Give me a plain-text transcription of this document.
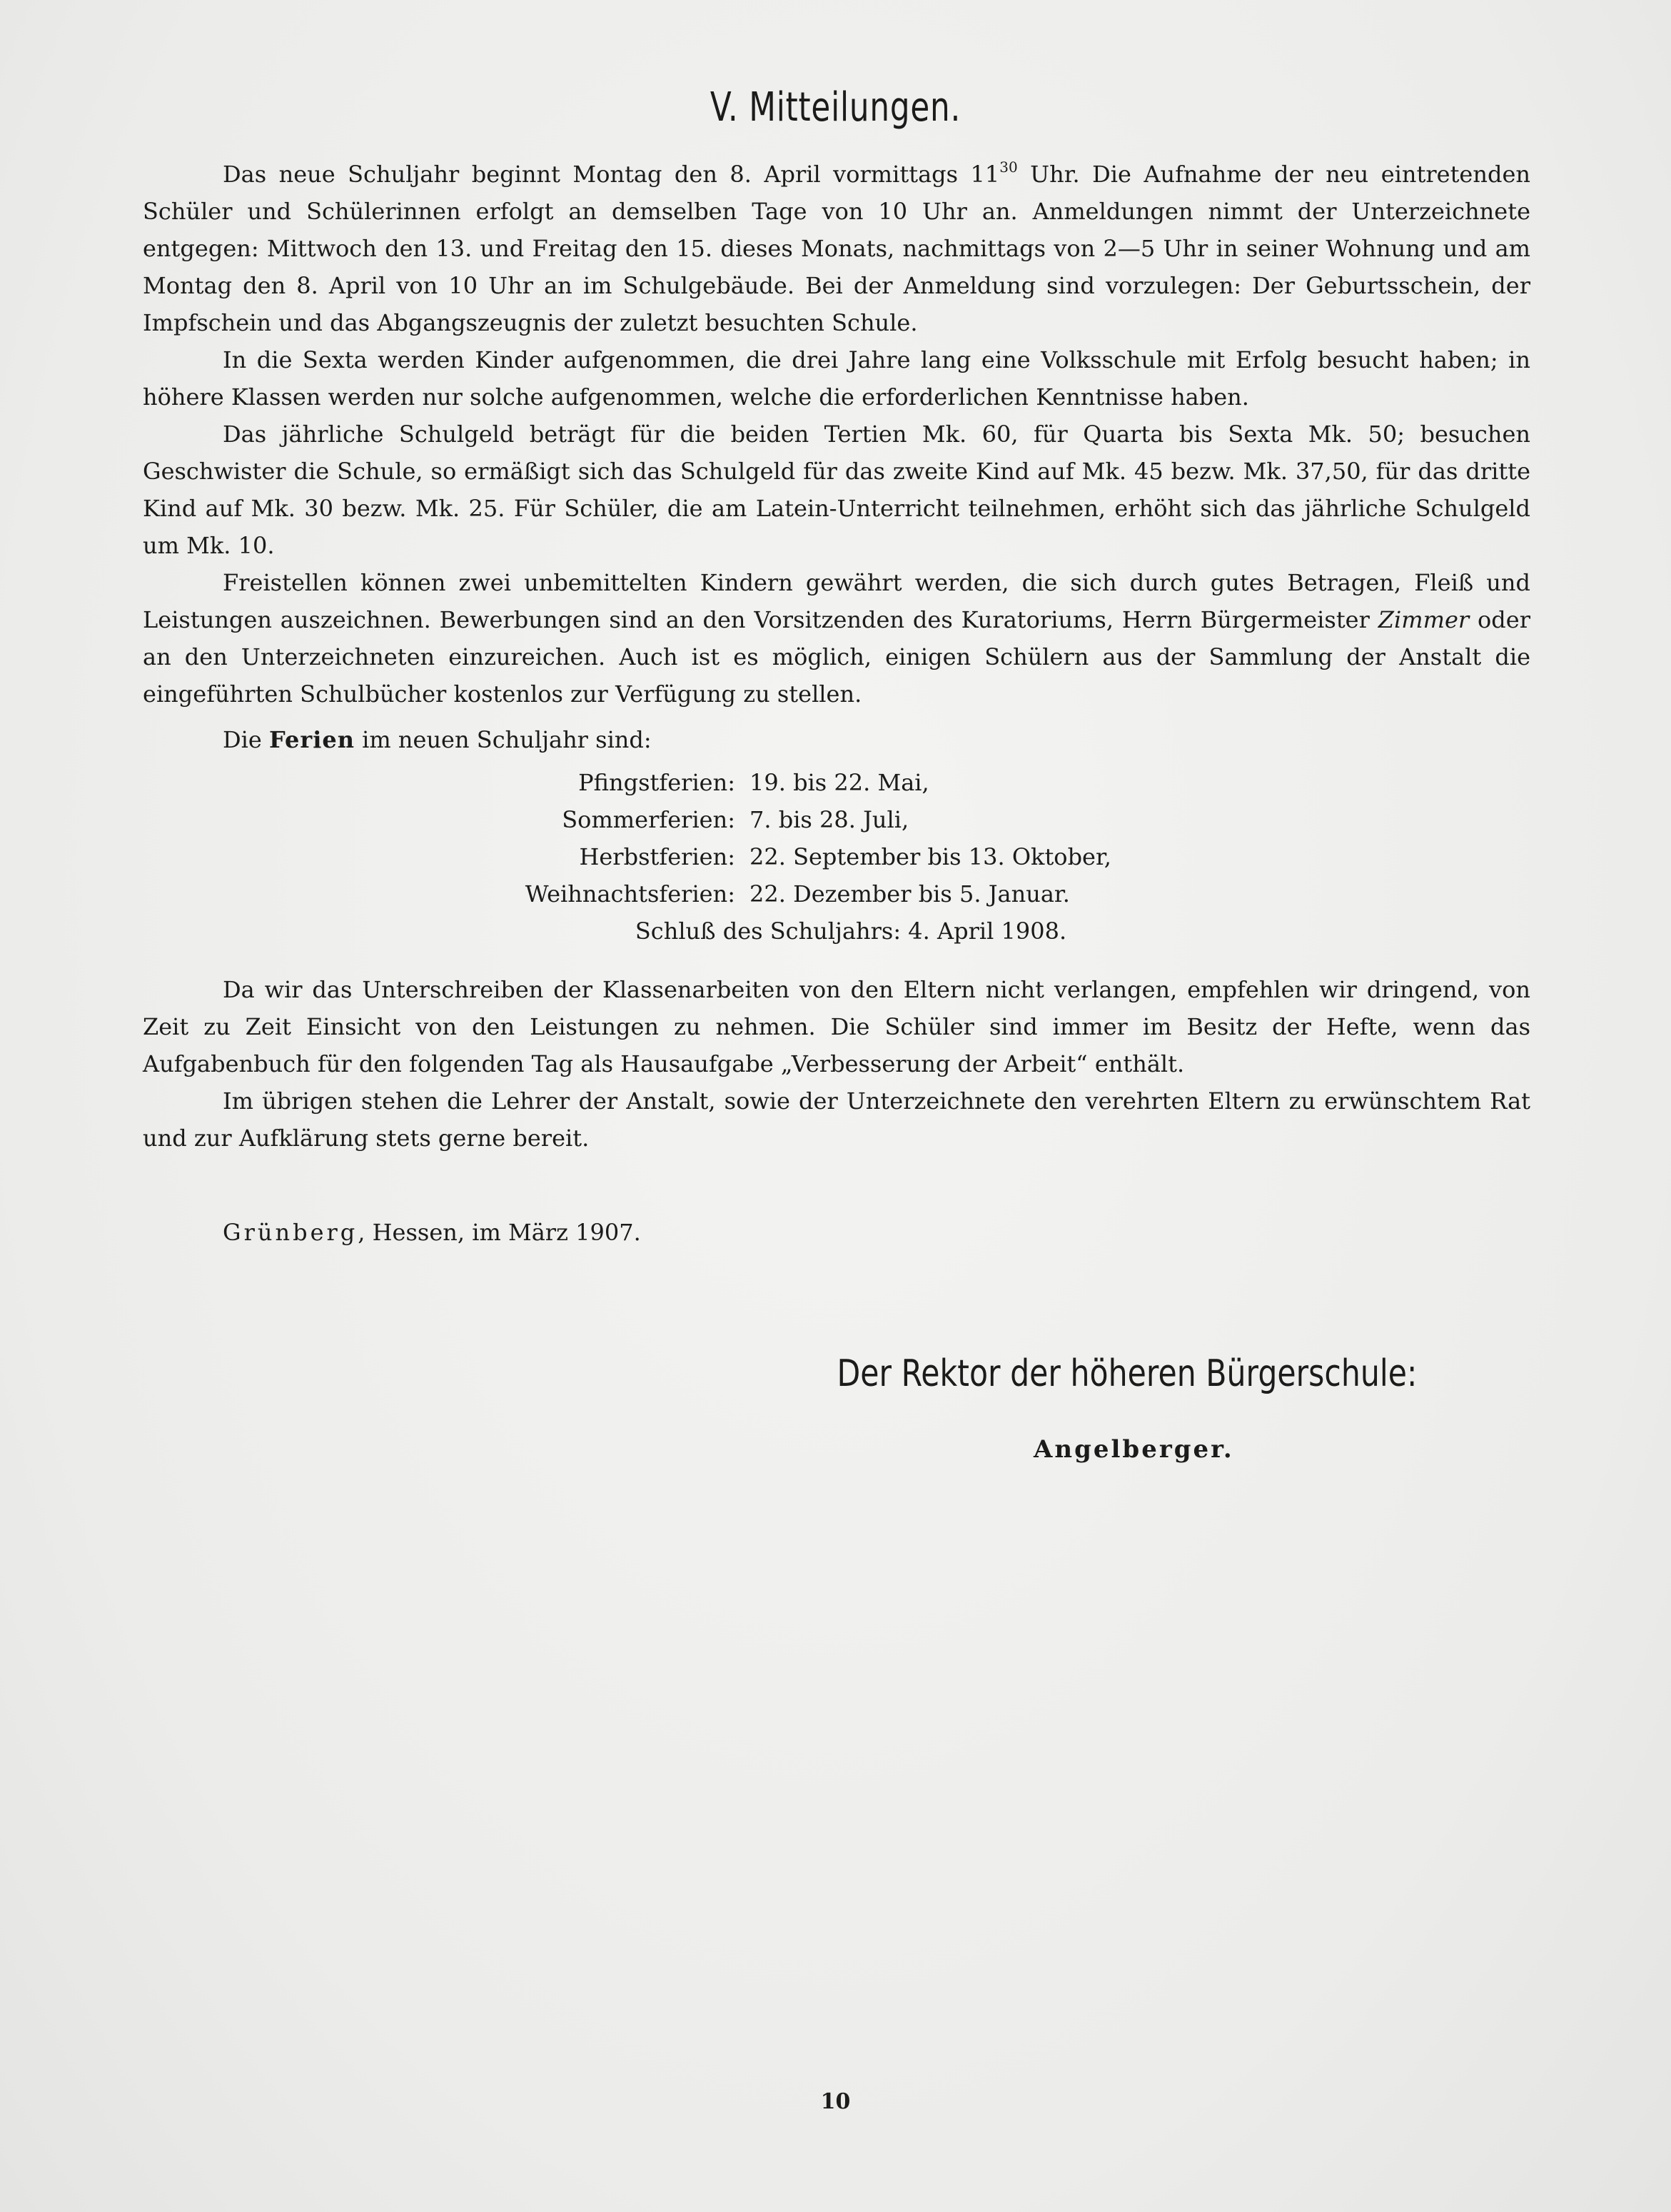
V. Mitteilungen.

Das neue Schuljahr beginnt Montag den 8. April vormittags $11^{30}$ Uhr. Die Aufnahme der neu eintretenden Schüler und Schülerinnen erfolgt an demselben Tage von 10 Uhr an. Anmeldungen nimmt der Unterzeichnete entgegen: Mittwoch den 13. und Freitag den 15. dieses Monats, nachmittags von 2—5 Uhr in seiner Wohnung und am Montag den 8. April von 10 Uhr an im Schulgebäude. Bei der Anmeldung sind vorzulegen: Der Geburtsschein, der Impfschein und das Abgangszeugnis der zuletzt besuchten Schule.

In die Sexta werden Kinder aufgenommen, die drei Jahre lang eine Volksschule mit Erfolg besucht haben; in höhere Klassen werden nur solche aufgenommen, welche die erforderlichen Kenntnisse haben.

Das jährliche Schulgeld beträgt für die beiden Tertien Mk. 60, für Quarta bis Sexta Mk. 50; besuchen Geschwister die Schule, so ermäßigt sich das Schulgeld für das zweite Kind auf Mk. 45 bezw. Mk. 37,50, für das dritte Kind auf Mk. 30 bezw. Mk. 25. Für Schüler, die am Latein-Unterricht teilnehmen, erhöht sich das jährliche Schulgeld um Mk. 10.

Freistellen können zwei unbemittelten Kindern gewährt werden, die sich durch gutes Betragen, Fleiß und Leistungen auszeichnen. Bewerbungen sind an den Vorsitzenden des Kuratoriums, Herrn Bürgermeister Zimmer oder an den Unterzeichneten einzureichen. Auch ist es möglich, einigen Schülern aus der Sammlung der Anstalt die eingeführten Schulbücher kostenlos zur Verfügung zu stellen.

Die Ferien im neuen Schuljahr sind:

Pfingstferien: 19. bis 22. Mai,
Sommerferien: 7. bis 28. Juli,
Herbstferien: 22. September bis 13. Oktober,
Weihnachtsferien: 22. Dezember bis 5. Januar.
Schluß des Schuljahrs: 4. April 1908.

Da wir das Unterschreiben der Klassenarbeiten von den Eltern nicht verlangen, empfehlen wir dringend, von Zeit zu Zeit Einsicht von den Leistungen zu nehmen. Die Schüler sind immer im Besitz der Hefte, wenn das Aufgabenbuch für den folgenden Tag als Hausaufgabe „Verbesserung der Arbeit“ enthält.

Im übrigen stehen die Lehrer der Anstalt, sowie der Unterzeichnete den verehrten Eltern zu erwünschtem Rat und zur Aufklärung stets gerne bereit.

Grünberg, Hessen, im März 1907.
Der Rektor der höheren Bürgerschule:
Angelberger.
10
